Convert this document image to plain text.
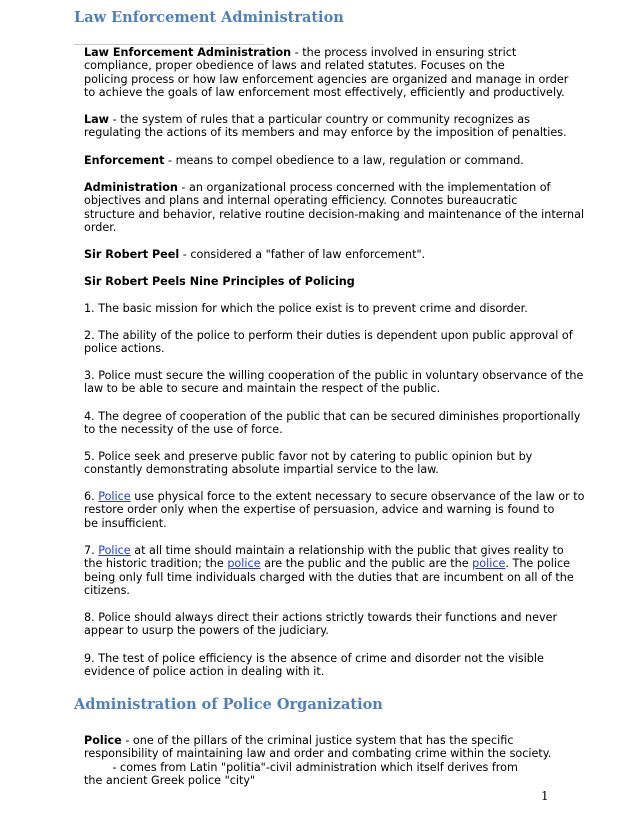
Law Enforcement Administration

Law Enforcement Administration - the process involved in ensuring strict
compliance, proper obedience of laws and related statutes. Focuses on the
policing process or how law enforcement agencies are organized and manage in order
to achieve the goals of law enforcement most effectively, efficiently and productively.

Law - the system of rules that a particular country or community recognizes as
regulating the actions of its members and may enforce by the imposition of penalties.

Enforcement - means to compel obedience to a law, regulation or command.

Administration - an organizational process concerned with the implementation of
objectives and plans and internal operating efficiency. Connotes bureaucratic
structure and behavior, relative routine decision-making and maintenance of the internal
order.

Sir Robert Peel - considered a "father of law enforcement".

Sir Robert Peels Nine Principles of Policing

1. The basic mission for which the police exist is to prevent crime and disorder.

2. The ability of the police to perform their duties is dependent upon public approval of
police actions.

3. Police must secure the willing cooperation of the public in voluntary observance of the
law to be able to secure and maintain the respect of the public.

4. The degree of cooperation of the public that can be secured diminishes proportionally
to the necessity of the use of force.

5. Police seek and preserve public favor not by catering to public opinion but by
constantly demonstrating absolute impartial service to the law.

6. Police use physical force to the extent necessary to secure observance of the law or to
restore order only when the expertise of persuasion, advice and warning is found to
be insufficient.

7. Police at all time should maintain a relationship with the public that gives reality to
the historic tradition; the police are the public and the public are the police. The police
being only full time individuals charged with the duties that are incumbent on all of the
citizens.

8. Police should always direct their actions strictly towards their functions and never
appear to usurp the powers of the judiciary.

9. The test of police efficiency is the absence of crime and disorder not the visible
evidence of police action in dealing with it.

Administration of Police Organization

Police - one of the pillars of the criminal justice system that has the specific
responsibility of maintaining law and order and combating crime within the society.
- comes from Latin "politia"-civil administration which itself derives from
the ancient Greek police "city"

1
